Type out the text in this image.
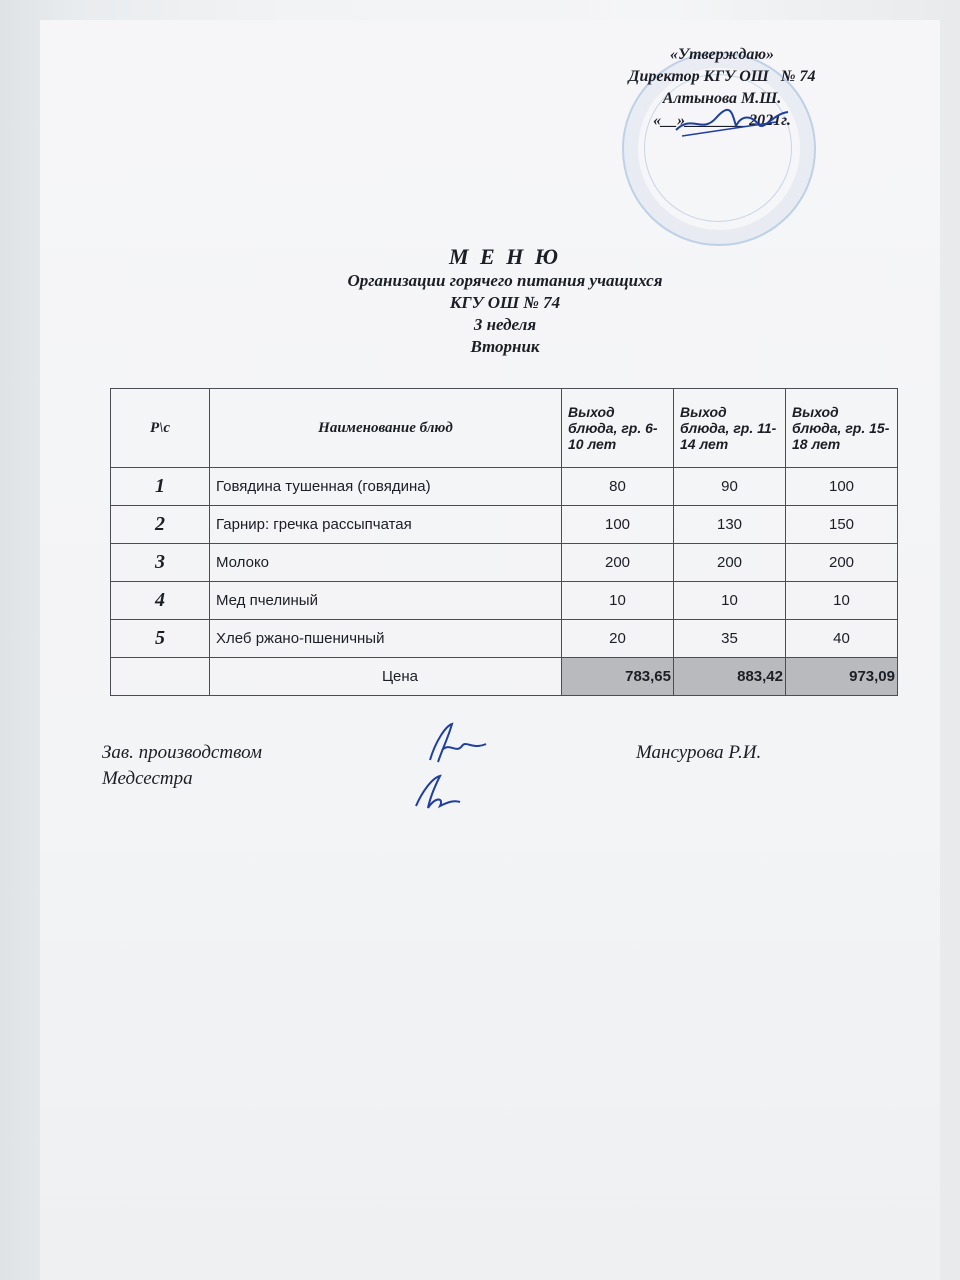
«Утверждаю»
Директор КГУ ОШ   № 74
Алтынова М.Ш.
«__»________2021г.
М Е Н Ю
Организации горячего питания учащихся
КГУ ОШ № 74
3 неделя
Вторник
Р\с	Наименование блюд	Выход блюда, гр. 6-10 лет	Выход блюда, гр. 11-14 лет	Выход блюда, гр. 15-18 лет
1	Говядина тушенная (говядина)	80	90	100
2	Гарнир: гречка рассыпчатая	100	130	150
3	Молоко	200	200	200
4	Мед пчелиный	10	10	10
5	Хлеб ржано-пшеничный	20	35	40
	Цена	783,65	883,42	973,09
Зав. производством
Медсестра
Мансурова Р.И.
